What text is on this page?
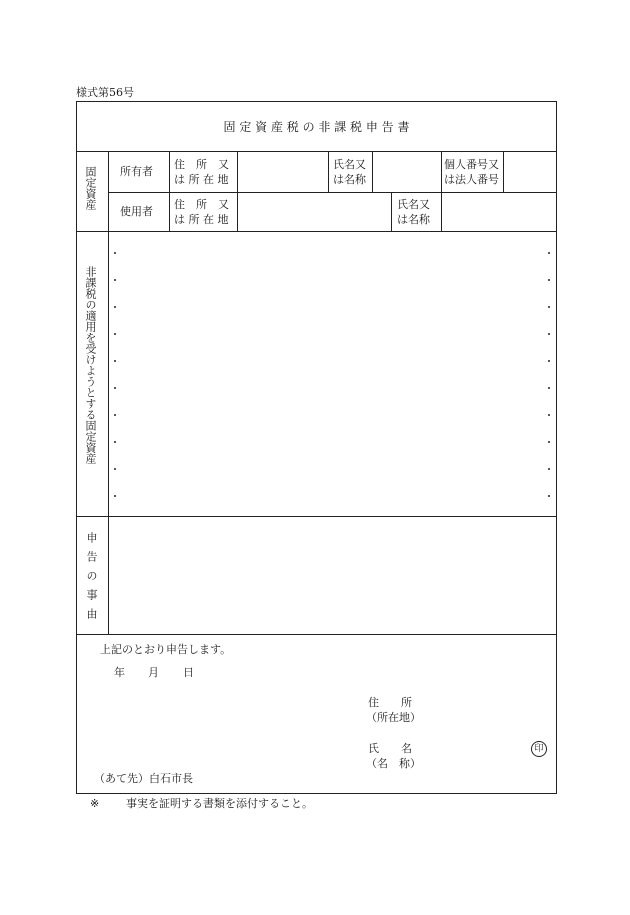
様式第56号
固 定 資 産 税 の 非 課 税 申 告 書
固定資産
非課税の適用を受けようとする固定資産
申告の事由
所有者
住　所　又
は 所 在 地
氏名又
は名称
個人番号又
は法人番号
使用者
住　所　又
は 所 在 地
氏名又
は名称
上記のとおり申告します。
年 月 日
住　　所
（所在地）
氏　　名
（名　称）
印
（あて先）白石市長
※ 事実を証明する書類を添付すること。
